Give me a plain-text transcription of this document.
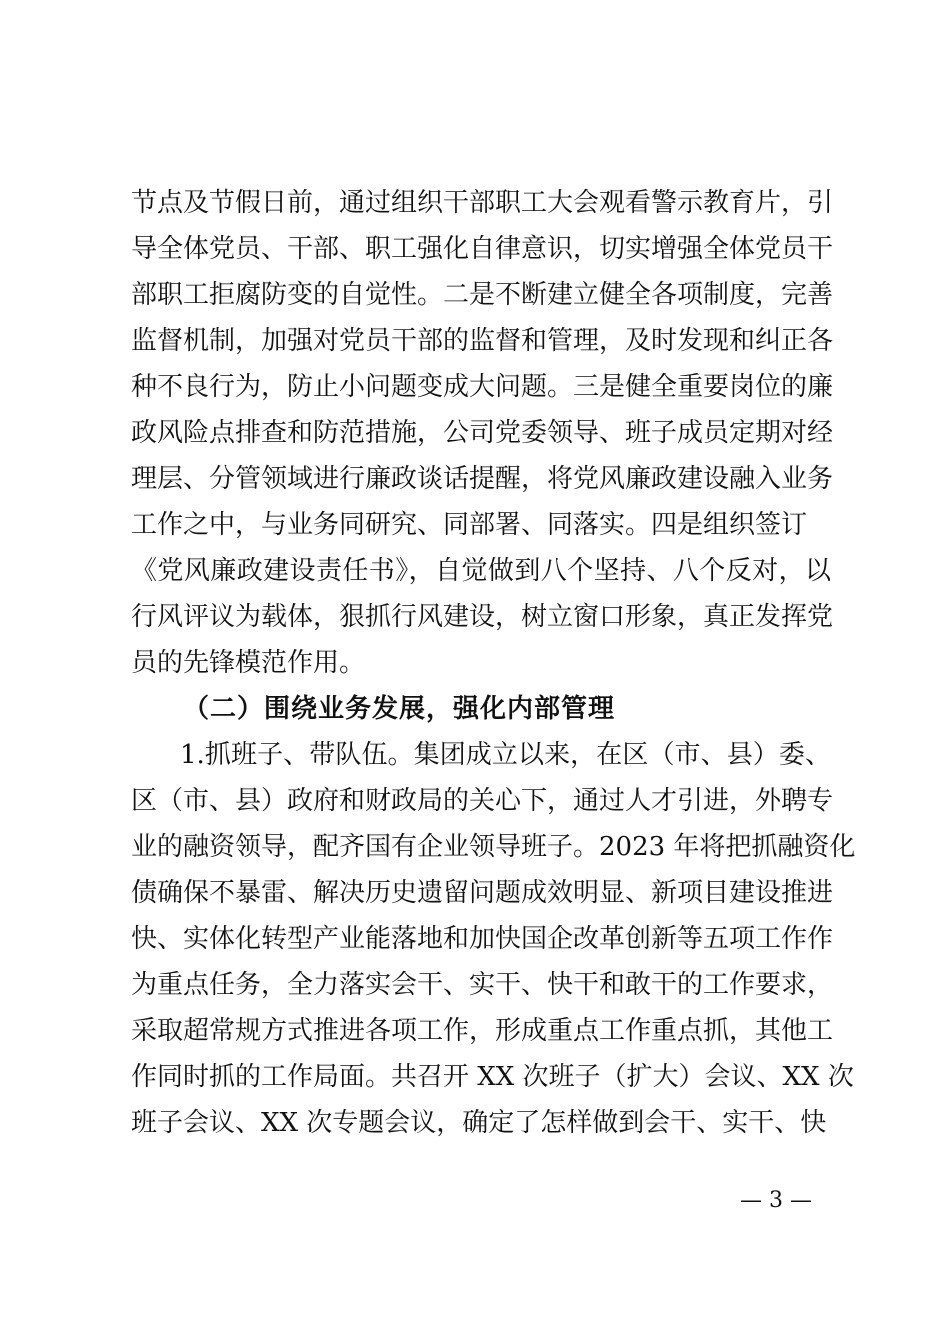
节点及节假日前，通过组织干部职工大会观看警示教育片，引
导全体党员、干部、职工强化自律意识，切实增强全体党员干
部职工拒腐防变的自觉性。二是不断建立健全各项制度，完善
监督机制，加强对党员干部的监督和管理，及时发现和纠正各
种不良行为，防止小问题变成大问题。三是健全重要岗位的廉
政风险点排查和防范措施，公司党委领导、班子成员定期对经
理层、分管领域进行廉政谈话提醒，将党风廉政建设融入业务
工作之中，与业务同研究、同部署、同落实。四是组织签订
《党风廉政建设责任书》，自觉做到八个坚持、八个反对，以
行风评议为载体，狠抓行风建设，树立窗口形象，真正发挥党
员的先锋模范作用。
（二）围绕业务发展，强化内部管理
1.抓班子、带队伍。集团成立以来，在区（市、县）委、
区（市、县）政府和财政局的关心下，通过人才引进，外聘专
业的融资领导，配齐国有企业领导班子。2023 年将把抓融资化
债确保不暴雷、解决历史遗留问题成效明显、新项目建设推进
快、实体化转型产业能落地和加快国企改革创新等五项工作作
为重点任务，全力落实会干、实干、快干和敢干的工作要求，
采取超常规方式推进各项工作，形成重点工作重点抓，其他工
作同时抓的工作局面。共召开 XX 次班子（扩大）会议、XX 次
班子会议、XX 次专题会议，确定了怎样做到会干、实干、快
— 3 —
